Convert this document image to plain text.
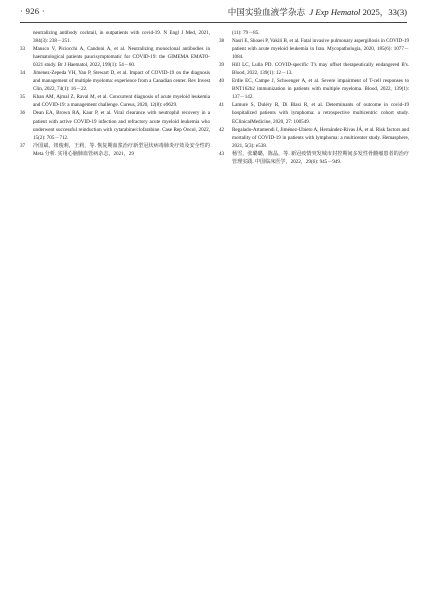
· 926 ·	中国实验血液学杂志 J Exp Hematol 2025，33(3)
neutralizing antibody cocktail, in outpatients with covid-19. N Engl J Med, 2021, 384(3): 238－251.
33	Mansco V, Piciocchi A, Candoni A, et al. Neutralizing monoclonal antibodies in haematological patients paucisymptomatic for COVID-19: the GIMEMA EMATO-0321 study. Br J Haematol, 2022, 199(1): 54－60.
34	Jimenez-Zepeda VH, Yan P, Stewart D, et al. Impact of COVID-19 on the diagnosis and management of multiple myeloma: experience from a Canadian center. Rev Invest Clin, 2022, 74(1): 16－22.
35	Khan AM, Ajmal Z, Raval M, et al. Concurrent diagnosis of acute myeloid leukemia and COVID-19: a management challenge. Cureus, 2020, 12(8): e9629.
36	Dean EA, Brown RA, Kaur P, et al. Viral clearance with neutrophil recovery in a patient with active COVID-19 infection and refractory acute myeloid leukemia who underwent successful reinduction with cytarabine/clofarabine. Case Rep Oncol, 2022, 15(2): 705－712.
37	冷国斌，钮俊莉，王莉，等. 恢复期血浆治疗新型冠状病毒肺炎疗效及安全性的 Meta 分析. 实用心脑肺血管病杂志，2021，29
(11): 79－85.
38	Nasri E, Shoaei P, Vakili B, et al. Fatal invasive pulmonary aspergillosis in COVID-19 patient with acute myeloid leukemia in Iran. Mycopathologia, 2020, 185(6): 1077－1084.
39	Hill LC, Lulla PD. COVID-specific T's may offset therapeutically endangered B's. Blood, 2022, 139(1): 12－13.
40	Erdle EC, Campe J, Schwenger A, et al. Severe impairment of T-cell responses to BNT162b2 immunization in patients with multiple myeloma. Blood, 2022, 139(1): 137－142.
41	Lamure S, Duléry R, Di Blasi R, et al. Determinants of outcome in covid-19 hospitalized patients with lymphoma: a retrospective multicentric cohort study. EClinicalMedicine, 2020, 27: 100549.
42	Regalado-Artamendi I, Jiménez-Ubieto A, Hernández-Rivas JÁ, et al. Risk factors and mortality of COVID-19 in patients with lymphoma: a multicenter study. Hemasphere, 2021, 5(3): e538.
43	杨雪，张璐璐，陈晶，等. 新冠疫情突发城市封控期间多发性骨髓瘤患者的治疗管理实践. 中国临床医学，2022，29(6): 945－949.
